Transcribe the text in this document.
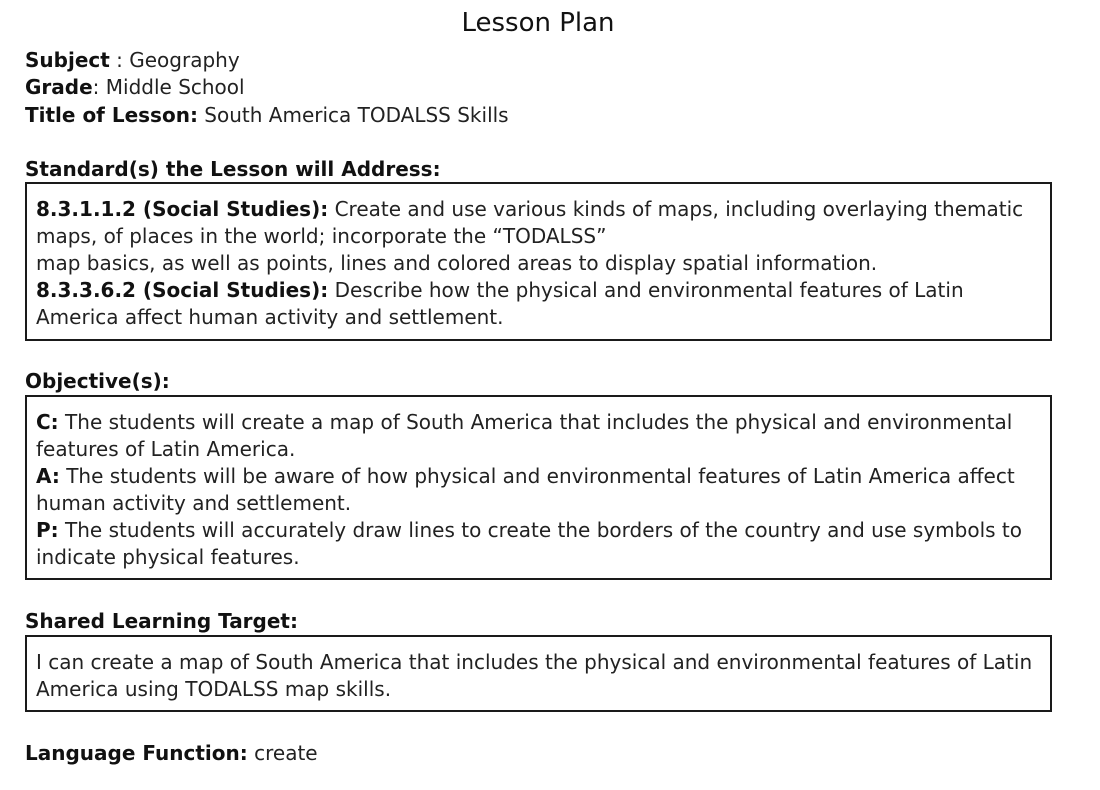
Lesson Plan
Subject : Geography
Grade: Middle School
Title of Lesson: South America TODALSS Skills
Standard(s) the Lesson will Address:

8.3.1.1.2 (Social Studies): Create and use various kinds of maps, including overlaying thematic maps, of places in the world; incorporate the “TODALSS”

map basics, as well as points, lines and colored areas to display spatial information.

8.3.3.6.2 (Social Studies): Describe how the physical and environmental features of Latin America affect human activity and settlement.

Objective(s):

C: The students will create a map of South America that includes the physical and environmental features of Latin America.

A: The students will be aware of how physical and environmental features of Latin America affect human activity and settlement.

P: The students will accurately draw lines to create the borders of the country and use symbols to indicate physical features.

Shared Learning Target:

I can create a map of South America that includes the physical and environmental features of Latin America using TODALSS map skills.

Language Function: create
